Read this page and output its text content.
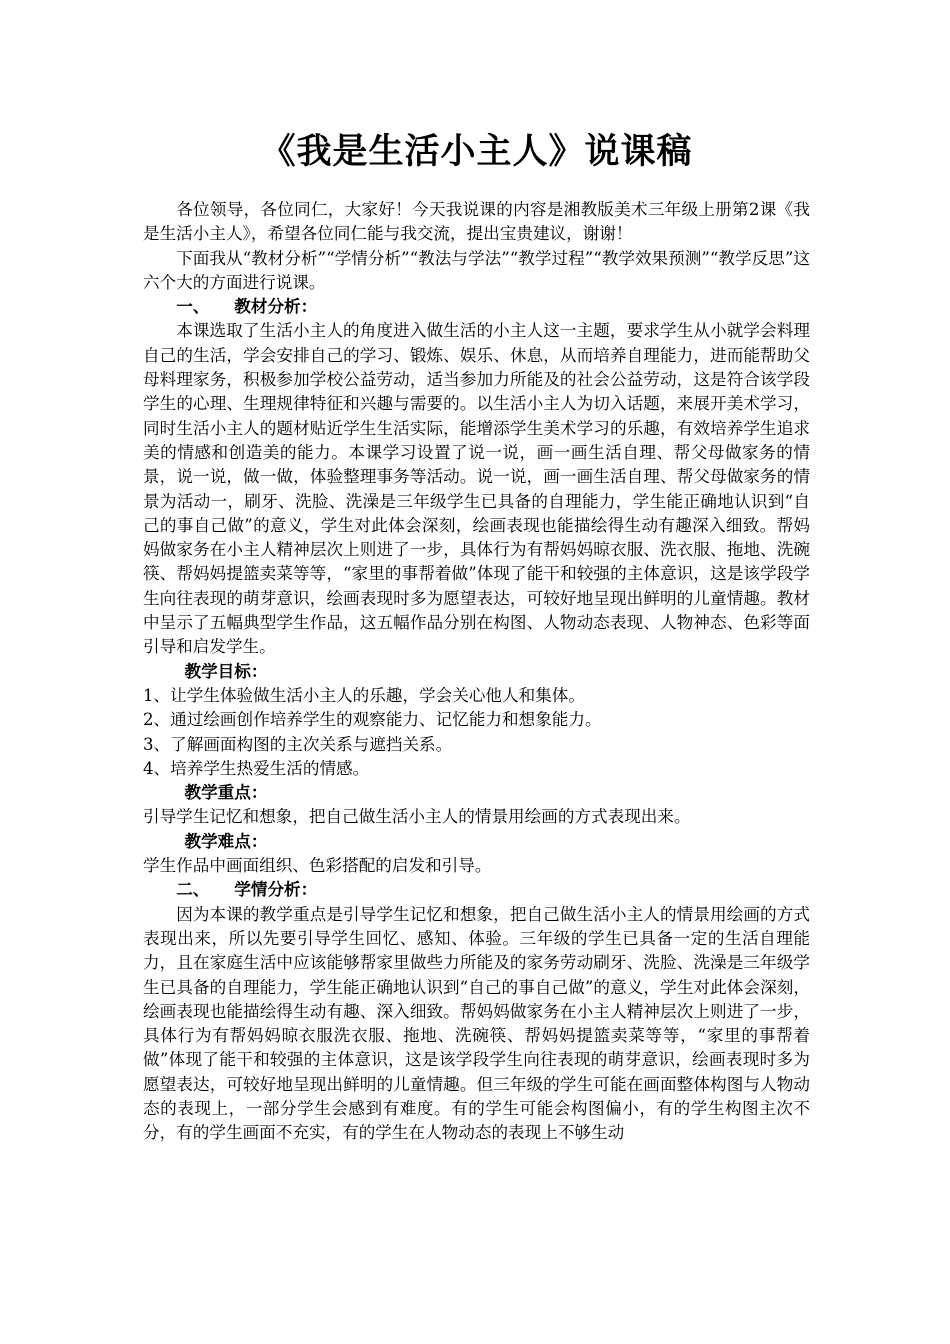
《我是生活小主人》说课稿

各位领导，各位同仁，大家好！今天我说课的内容是湘教版美术三年级上册第2课《我是生活小主人》，希望各位同仁能与我交流，提出宝贵建议，谢谢！

下面我从“教材分析”“学情分析”“教法与学法”“教学过程”“教学效果预测”“教学反思”这六个大的方面进行说课。

一、　　教材分析：

本课选取了生活小主人的角度进入做生活的小主人这一主题，要求学生从小就学会料理自己的生活，学会安排自己的学习、锻炼、娱乐、休息，从而培养自理能力，进而能帮助父母料理家务，积极参加学校公益劳动，适当参加力所能及的社会公益劳动，这是符合该学段学生的心理、生理规律特征和兴趣与需要的。以生活小主人为切入话题，来展开美术学习，同时生活小主人的题材贴近学生生活实际，能增添学生美术学习的乐趣，有效培养学生追求美的情感和创造美的能力。本课学习设置了说一说，画一画生活自理、帮父母做家务的情景，说一说，做一做，体验整理事务等活动。说一说，画一画生活自理、帮父母做家务的情景为活动一，刷牙、洗脸、洗澡是三年级学生已具备的自理能力，学生能正确地认识到“自己的事自己做”的意义，学生对此体会深刻，绘画表现也能描绘得生动有趣深入细致。帮妈妈做家务在小主人精神层次上则进了一步，具体行为有帮妈妈晾衣服、洗衣服、拖地、洗碗筷、帮妈妈提篮卖菜等等，“家里的事帮着做”体现了能干和较强的主体意识，这是该学段学生向往表现的萌芽意识，绘画表现时多为愿望表达，可较好地呈现出鲜明的儿童情趣。教材中呈示了五幅典型学生作品，这五幅作品分别在构图、人物动态表现、人物神态、色彩等面引导和启发学生。

教学目标：

1、让学生体验做生活小主人的乐趣，学会关心他人和集体。

2、通过绘画创作培养学生的观察能力、记忆能力和想象能力。

3、了解画面构图的主次关系与遮挡关系。

4、培养学生热爱生活的情感。

教学重点：

引导学生记忆和想象，把自己做生活小主人的情景用绘画的方式表现出来。

教学难点：

学生作品中画面组织、色彩搭配的启发和引导。

二、　　学情分析：

因为本课的教学重点是引导学生记忆和想象，把自己做生活小主人的情景用绘画的方式表现出来，所以先要引导学生回忆、感知、体验。三年级的学生已具备一定的生活自理能力，且在家庭生活中应该能够帮家里做些力所能及的家务劳动刷牙、洗脸、洗澡是三年级学生已具备的自理能力，学生能正确地认识到“自己的事自己做”的意义，学生对此体会深刻，绘画表现也能描绘得生动有趣、深入细致。帮妈妈做家务在小主人精神层次上则进了一步，具体行为有帮妈妈晾衣服洗衣服、拖地、洗碗筷、帮妈妈提篮卖菜等等，“家里的事帮着做”体现了能干和较强的主体意识，这是该学段学生向往表现的萌芽意识，绘画表现时多为愿望表达，可较好地呈现出鲜明的儿童情趣。但三年级的学生可能在画面整体构图与人物动态的表现上，一部分学生会感到有难度。有的学生可能会构图偏小，有的学生构图主次不分，有的学生画面不充实，有的学生在人物动态的表现上不够生动
